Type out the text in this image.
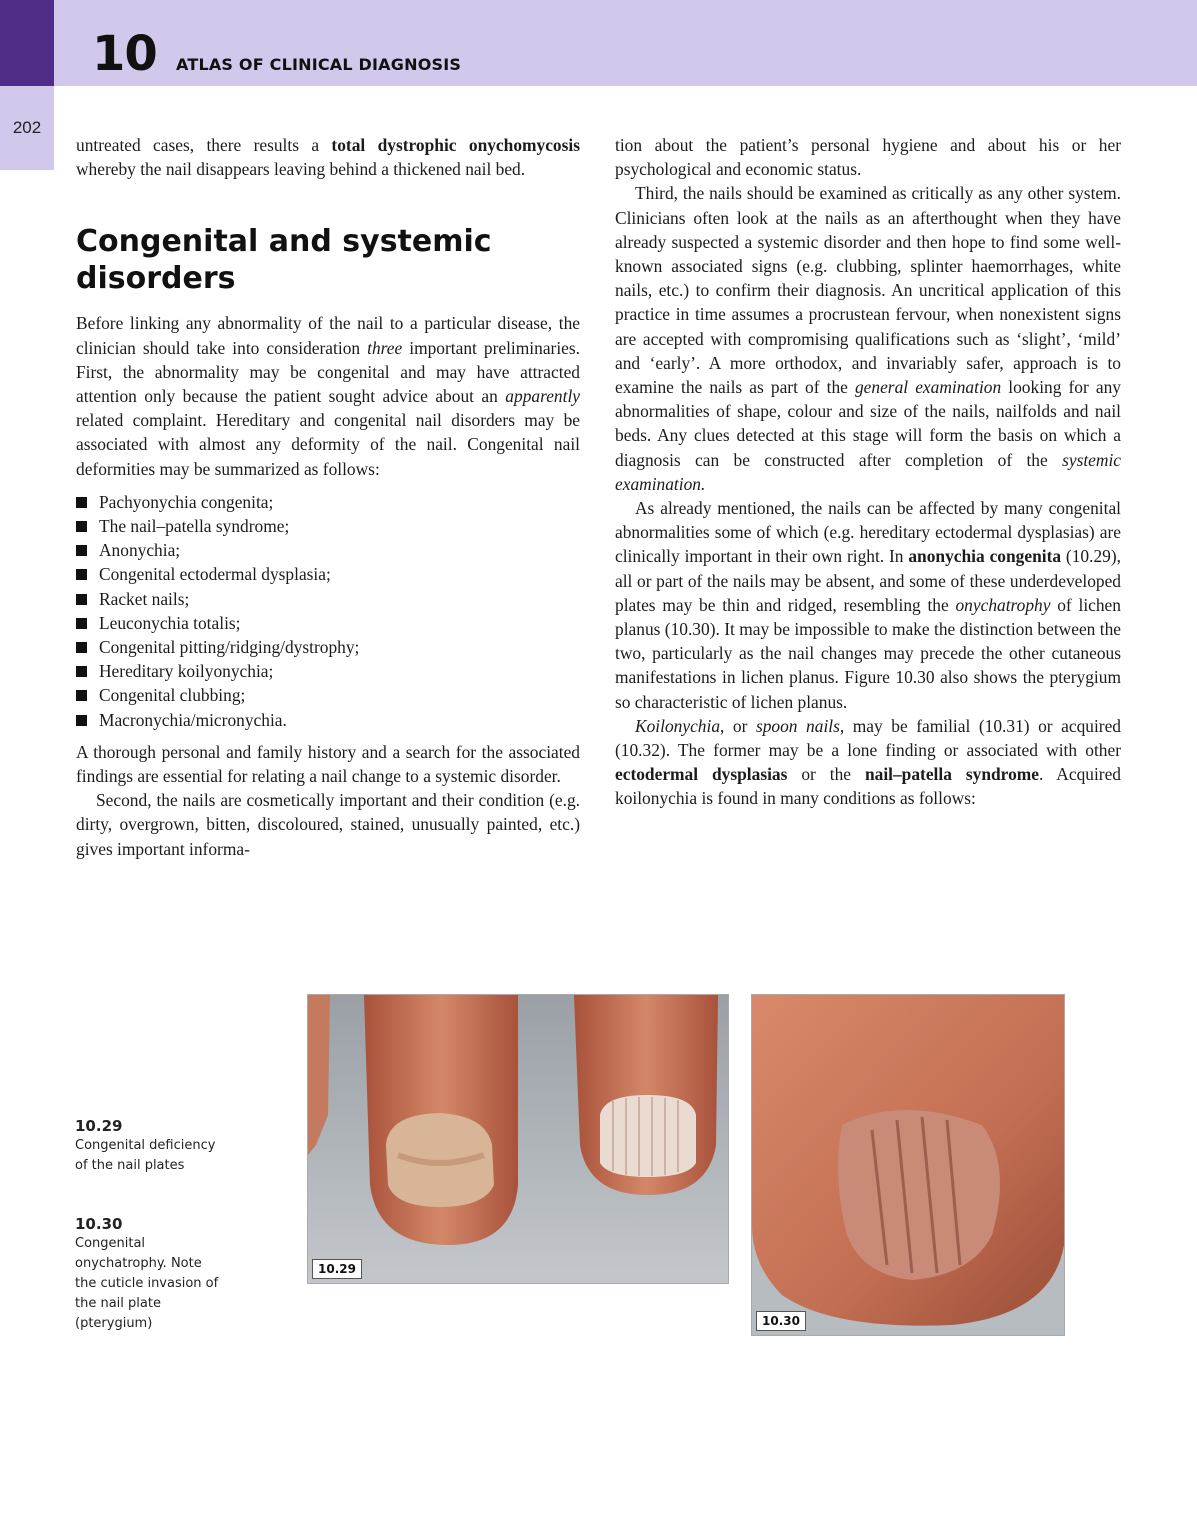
202
10 ATLAS OF CLINICAL DIAGNOSIS

untreated cases, there results a total dystrophic onychomycosis whereby the nail disappears leaving behind a thickened nail bed.

Congenital and systemic disorders

Before linking any abnormality of the nail to a particular disease, the clinician should take into consideration three important preliminaries. First, the abnormality may be congenital and may have attracted attention only because the patient sought advice about an apparently related complaint. Hereditary and congenital nail disorders may be associated with almost any deformity of the nail. Congenital nail deformities may be summarized as follows:

Pachyonychia congenita;
The nail–patella syndrome;
Anonychia;
Congenital ectodermal dysplasia;
Racket nails;
Leuconychia totalis;
Congenital pitting/ridging/dystrophy;
Hereditary koilyonychia;
Congenital clubbing;
Macronychia/micronychia.

A thorough personal and family history and a search for the associated findings are essential for relating a nail change to a systemic disorder.

Second, the nails are cosmetically important and their condition (e.g. dirty, overgrown, bitten, discoloured, stained, unusually painted, etc.) gives important informa-

tion about the patient’s personal hygiene and about his or her psychological and economic status.

Third, the nails should be examined as critically as any other system. Clinicians often look at the nails as an afterthought when they have already suspected a systemic disorder and then hope to find some well-known associated signs (e.g. clubbing, splinter haemorrhages, white nails, etc.) to confirm their diagnosis. An uncritical application of this practice in time assumes a procrustean fervour, when nonexistent signs are accepted with compromising qualifications such as ‘slight’, ‘mild’ and ‘early’. A more orthodox, and invariably safer, approach is to examine the nails as part of the general examination looking for any abnormalities of shape, colour and size of the nails, nailfolds and nail beds. Any clues detected at this stage will form the basis on which a diagnosis can be constructed after completion of the systemic examination.

As already mentioned, the nails can be affected by many congenital abnormalities some of which (e.g. hereditary ectodermal dysplasias) are clinically important in their own right. In anonychia congenita (10.29), all or part of the nails may be absent, and some of these underdeveloped plates may be thin and ridged, resembling the onychatrophy of lichen planus (10.30). It may be impossible to make the distinction between the two, particularly as the nail changes may precede the other cutaneous manifestations in lichen planus. Figure 10.30 also shows the pterygium so characteristic of lichen planus.

Koilonychia, or spoon nails, may be familial (10.31) or acquired (10.32). The former may be a lone finding or associated with other ectodermal dysplasias or the nail–patella syndrome. Acquired koilonychia is found in many conditions as follows:

10.29
10.30
10.29
Congenital deficiency of the nail plates
10.30
Congenital onychatrophy. Note the cuticle invasion of the nail plate (pterygium)
